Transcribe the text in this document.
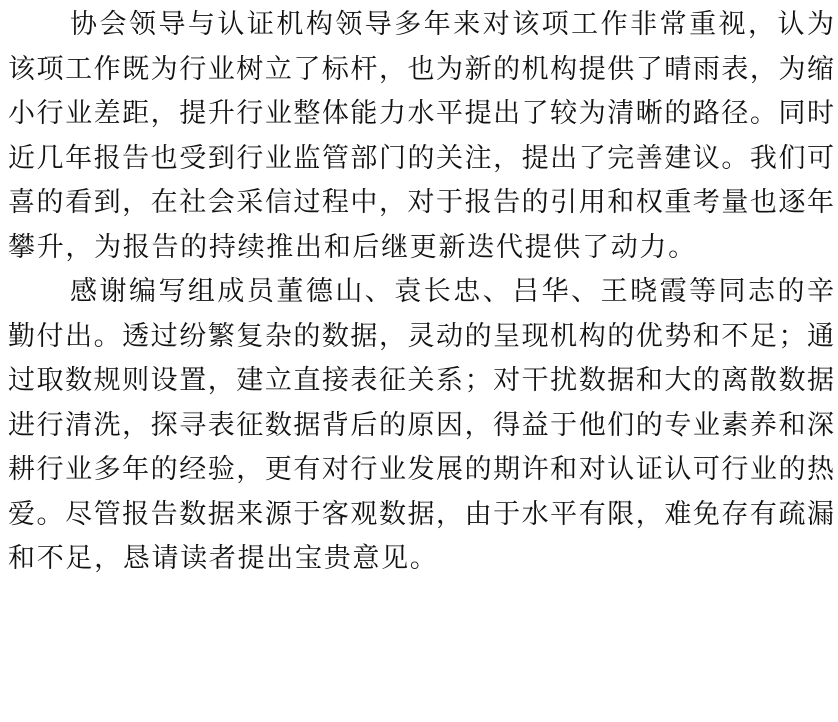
协会领导与认证机构领导多年来对该项工作非常重视，认为
该项工作既为行业树立了标杆，也为新的机构提供了晴雨表，为缩
小行业差距，提升行业整体能力水平提出了较为清晰的路径。同时
近几年报告也受到行业监管部门的关注，提出了完善建议。我们可
喜的看到，在社会采信过程中，对于报告的引用和权重考量也逐年
攀升，为报告的持续推出和后继更新迭代提供了动力。
感谢编写组成员董德山、袁长忠、吕华、王晓霞等同志的辛
勤付出。透过纷繁复杂的数据，灵动的呈现机构的优势和不足；通
过取数规则设置，建立直接表征关系；对干扰数据和大的离散数据
进行清洗，探寻表征数据背后的原因，得益于他们的专业素养和深
耕行业多年的经验，更有对行业发展的期许和对认证认可行业的热
爱。尽管报告数据来源于客观数据，由于水平有限，难免存有疏漏
和不足，恳请读者提出宝贵意见。
